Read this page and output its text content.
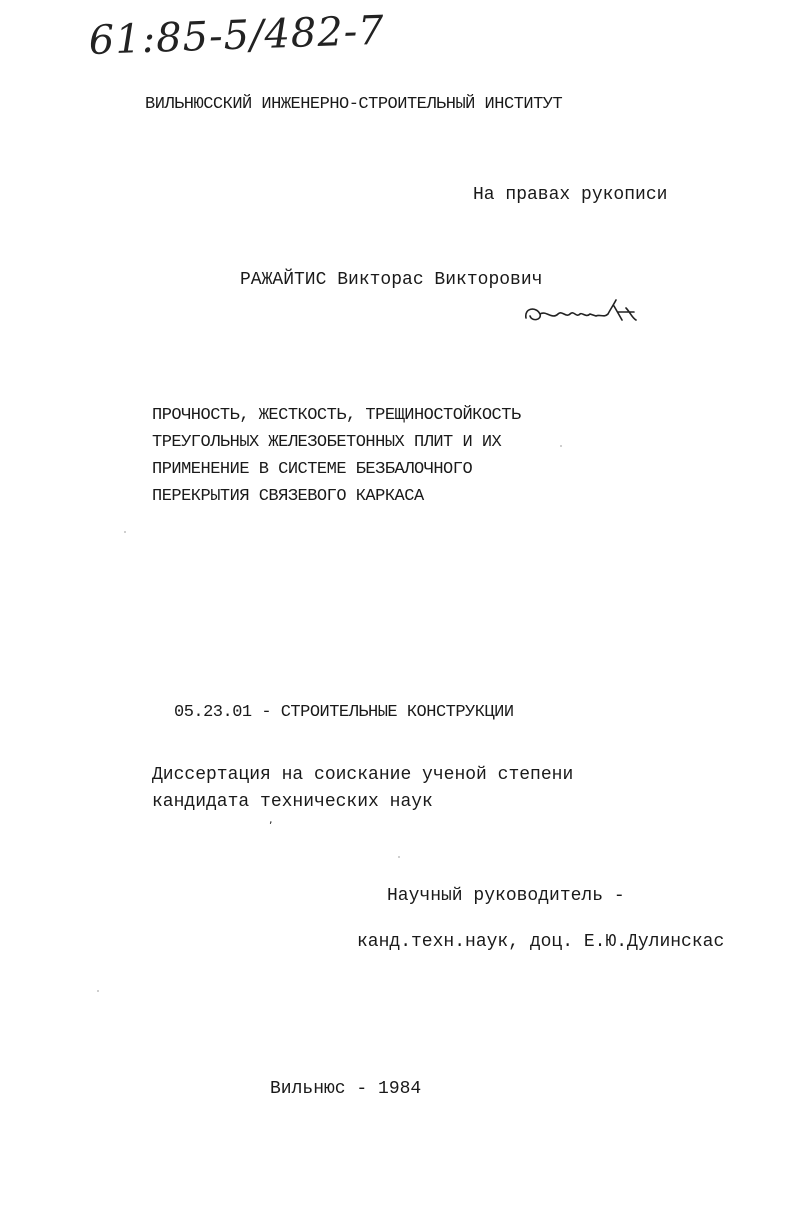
61:85-5/482-7
ВИЛЬНЮССКИЙ ИНЖЕНЕРНО-СТРОИТЕЛЬНЫЙ ИНСТИТУТ
На правах рукописи
РАЖАЙТИС Викторас Викторович
ПРОЧНОСТЬ, ЖЕСТКОСТЬ, ТРЕЩИНОСТОЙКОСТЬ
ТРЕУГОЛЬНЫХ ЖЕЛЕЗОБЕТОННЫХ ПЛИТ И ИХ
ПРИМЕНЕНИЕ В СИСТЕМЕ БЕЗБАЛОЧНОГО
ПЕРЕКРЫТИЯ СВЯЗЕВОГО КАРКАСА
05.23.01 - СТРОИТЕЛЬНЫЕ КОНСТРУКЦИИ
Диссертация на соискание ученой степени
кандидата технических наук
,
Научный руководитель -
канд.техн.наук, доц. Е.Ю.Дулинскас
Вильнюс - 1984
